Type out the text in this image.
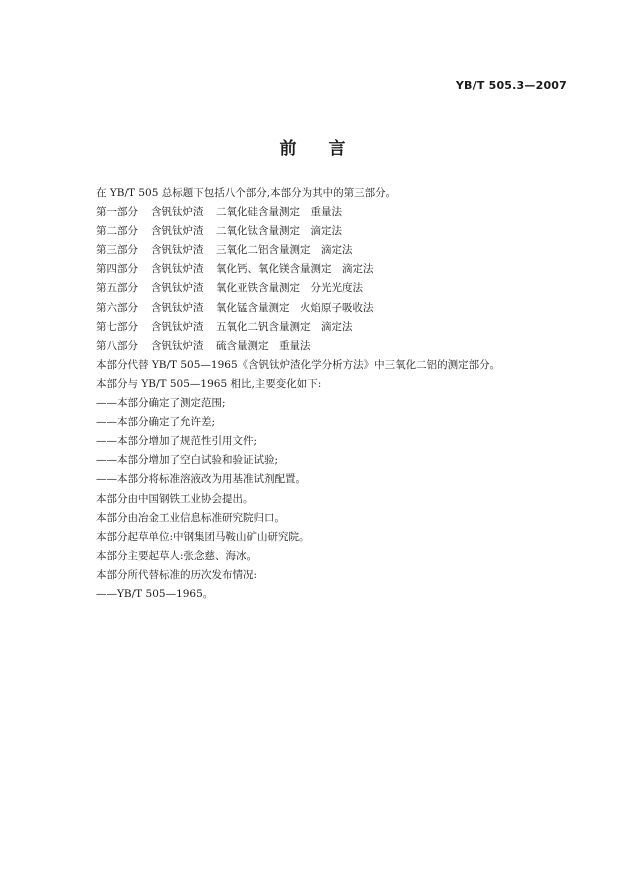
YB/T 505.3—2007
前言
在 YB/T 505 总标题下包括八个部分,本部分为其中的第三部分。
第一部分	含钒钛炉渣	二氧化硅含量测定　重量法
第二部分	含钒钛炉渣	二氧化钛含量测定　滴定法
第三部分	含钒钛炉渣	三氧化二铝含量测定　滴定法
第四部分	含钒钛炉渣	氧化钙、氧化镁含量测定　滴定法
第五部分	含钒钛炉渣	氧化亚铁含量测定　分光光度法
第六部分	含钒钛炉渣	氧化锰含量测定　火焰原子吸收法
第七部分	含钒钛炉渣	五氧化二钒含量测定　滴定法
第八部分	含钒钛炉渣	硫含量测定　重量法
本部分代替 YB/T 505—1965《含钒钛炉渣化学分析方法》中三氧化二铝的测定部分。
本部分与 YB/T 505—1965 相比,主要变化如下:
——本部分确定了测定范围;
——本部分确定了允许差;
——本部分增加了规范性引用文件;
——本部分增加了空白试验和验证试验;
——本部分将标准溶液改为用基准试剂配置。
本部分由中国钢铁工业协会提出。
本部分由冶金工业信息标准研究院归口。
本部分起草单位:中钢集团马鞍山矿山研究院。
本部分主要起草人:张念慈、海冰。
本部分所代替标准的历次发布情况:
——YB/T 505—1965。
